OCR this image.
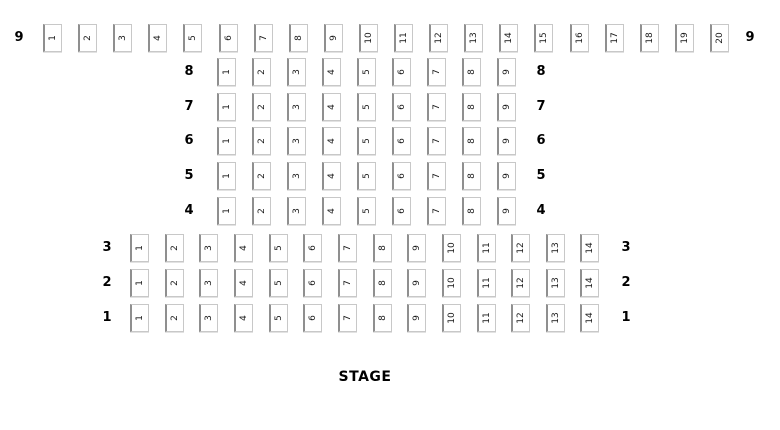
9	1	2	3	4	5	6	7	8	9	10	11	12	13	14	15	16	17	18	19	20	9
8	1	2	3	4	5	6	7	8	9	8
7	1	2	3	4	5	6	7	8	9	7
6	1	2	3	4	5	6	7	8	9	6
5	1	2	3	4	5	6	7	8	9	5
4	1	2	3	4	5	6	7	8	9	4
3	1	2	3	4	5	6	7	8	9	10	11	12	13	14	3
2	1	2	3	4	5	6	7	8	9	10	11	12	13	14	2
1	1	2	3	4	5	6	7	8	9	10	11	12	13	14	1
STAGE
